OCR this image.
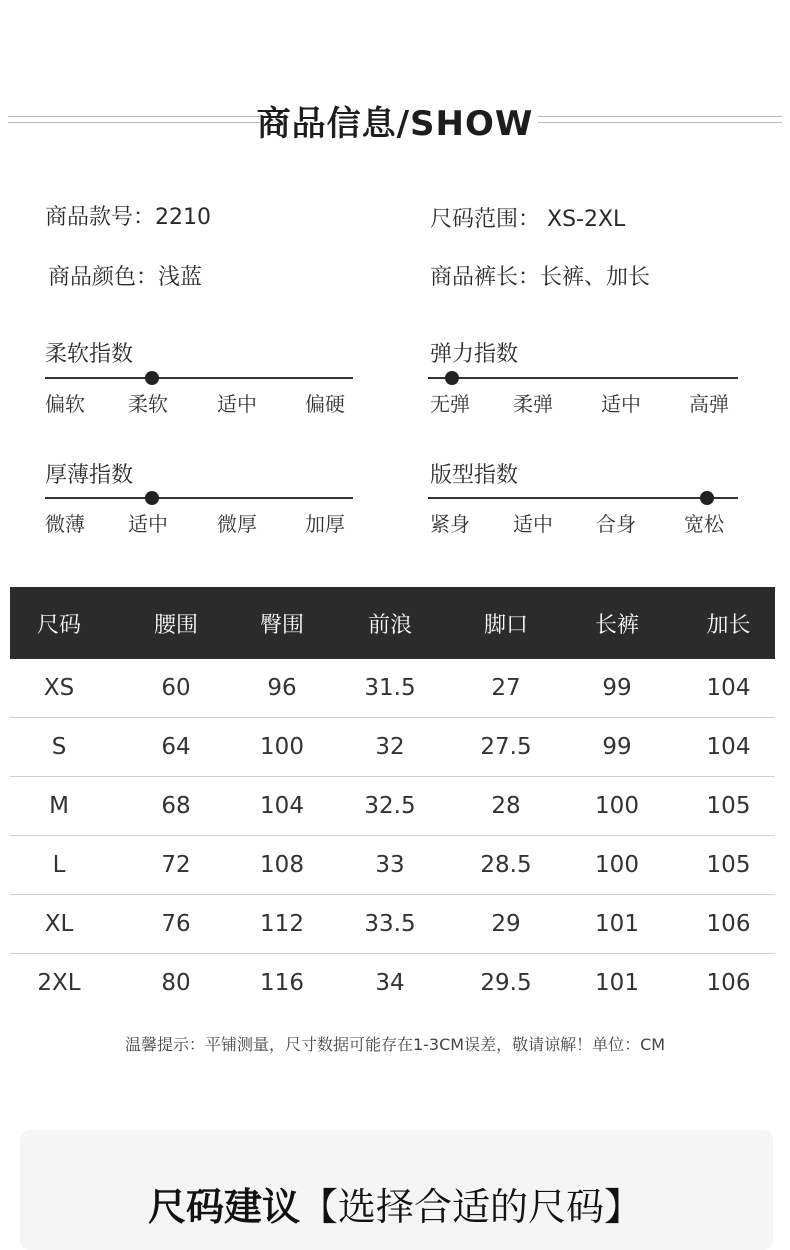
商品信息/SHOW
商品款号：2210	尺码范围： XS-2XL
商品颜色：浅蓝	商品裤长：长裤、加长
柔软指数
偏软 柔软 适中 偏硬
弹力指数
无弹 柔弹 适中 高弹
厚薄指数
微薄 适中 微厚 加厚
版型指数
紧身 适中 合身 宽松
尺码	腰围	臀围	前浪	脚口	长裤	加长
XS	60	96	31.5	27	99	104
S	64	100	32	27.5	99	104
M	68	104	32.5	28	100	105
L	72	108	33	28.5	100	105
XL	76	112	33.5	29	101	106
2XL	80	116	34	29.5	101	106
温馨提示：平铺测量，尺寸数据可能存在1-3CM误差，敬请谅解！单位：CM
尺码建议【选择合适的尺码】
